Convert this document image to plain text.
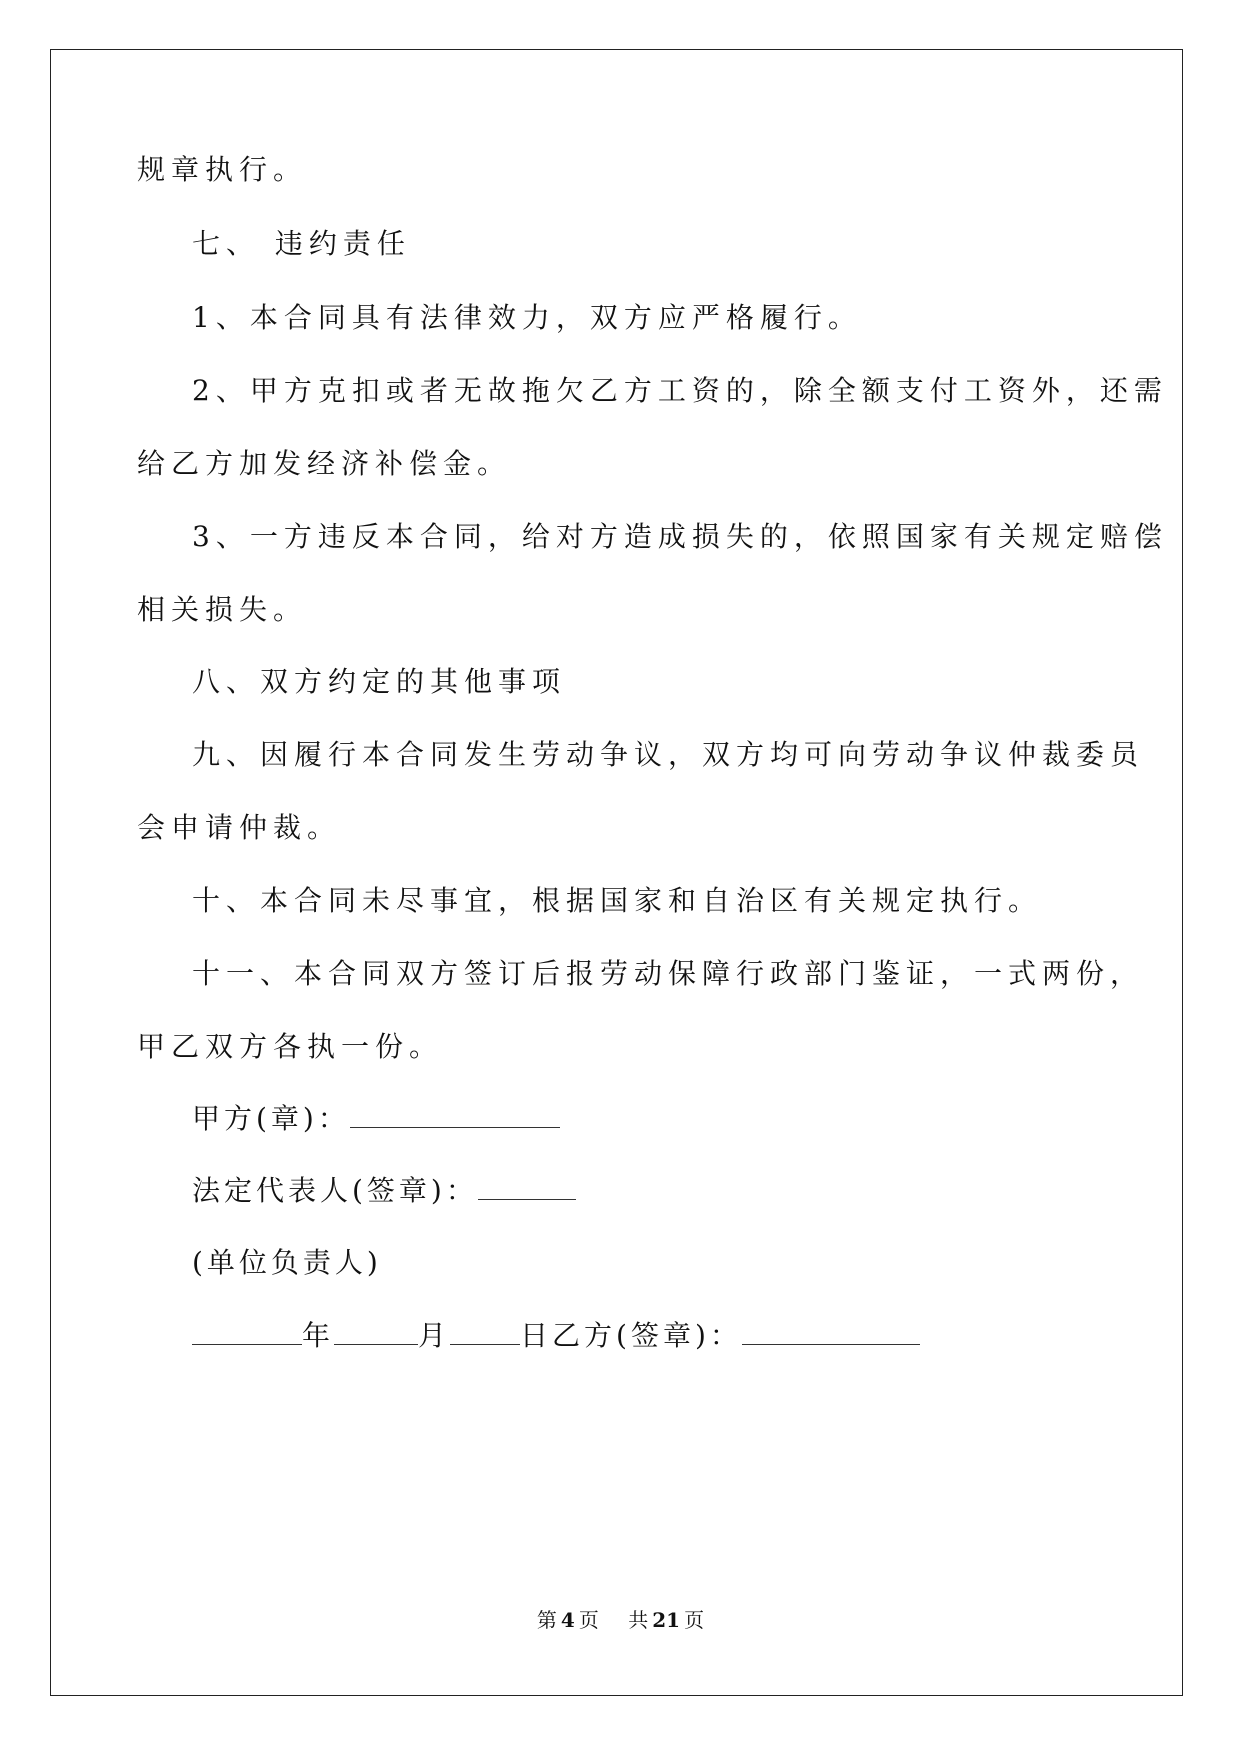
规章执行。
七、 违约责任
1、本合同具有法律效力，双方应严格履行。
2、甲方克扣或者无故拖欠乙方工资的，除全额支付工资外，还需
给乙方加发经济补偿金。
3、一方违反本合同，给对方造成损失的，依照国家有关规定赔偿
相关损失。
八、双方约定的其他事项
九、因履行本合同发生劳动争议，双方均可向劳动争议仲裁委员
会申请仲裁。
十、本合同未尽事宜，根据国家和自治区有关规定执行。
十一、本合同双方签订后报劳动保障行政部门鉴证，一式两份，
甲乙双方各执一份。
甲方(章)：
法定代表人(签章)：
(单位负责人)
年	月	日乙方(签章)：
第 4 页 共 21 页
